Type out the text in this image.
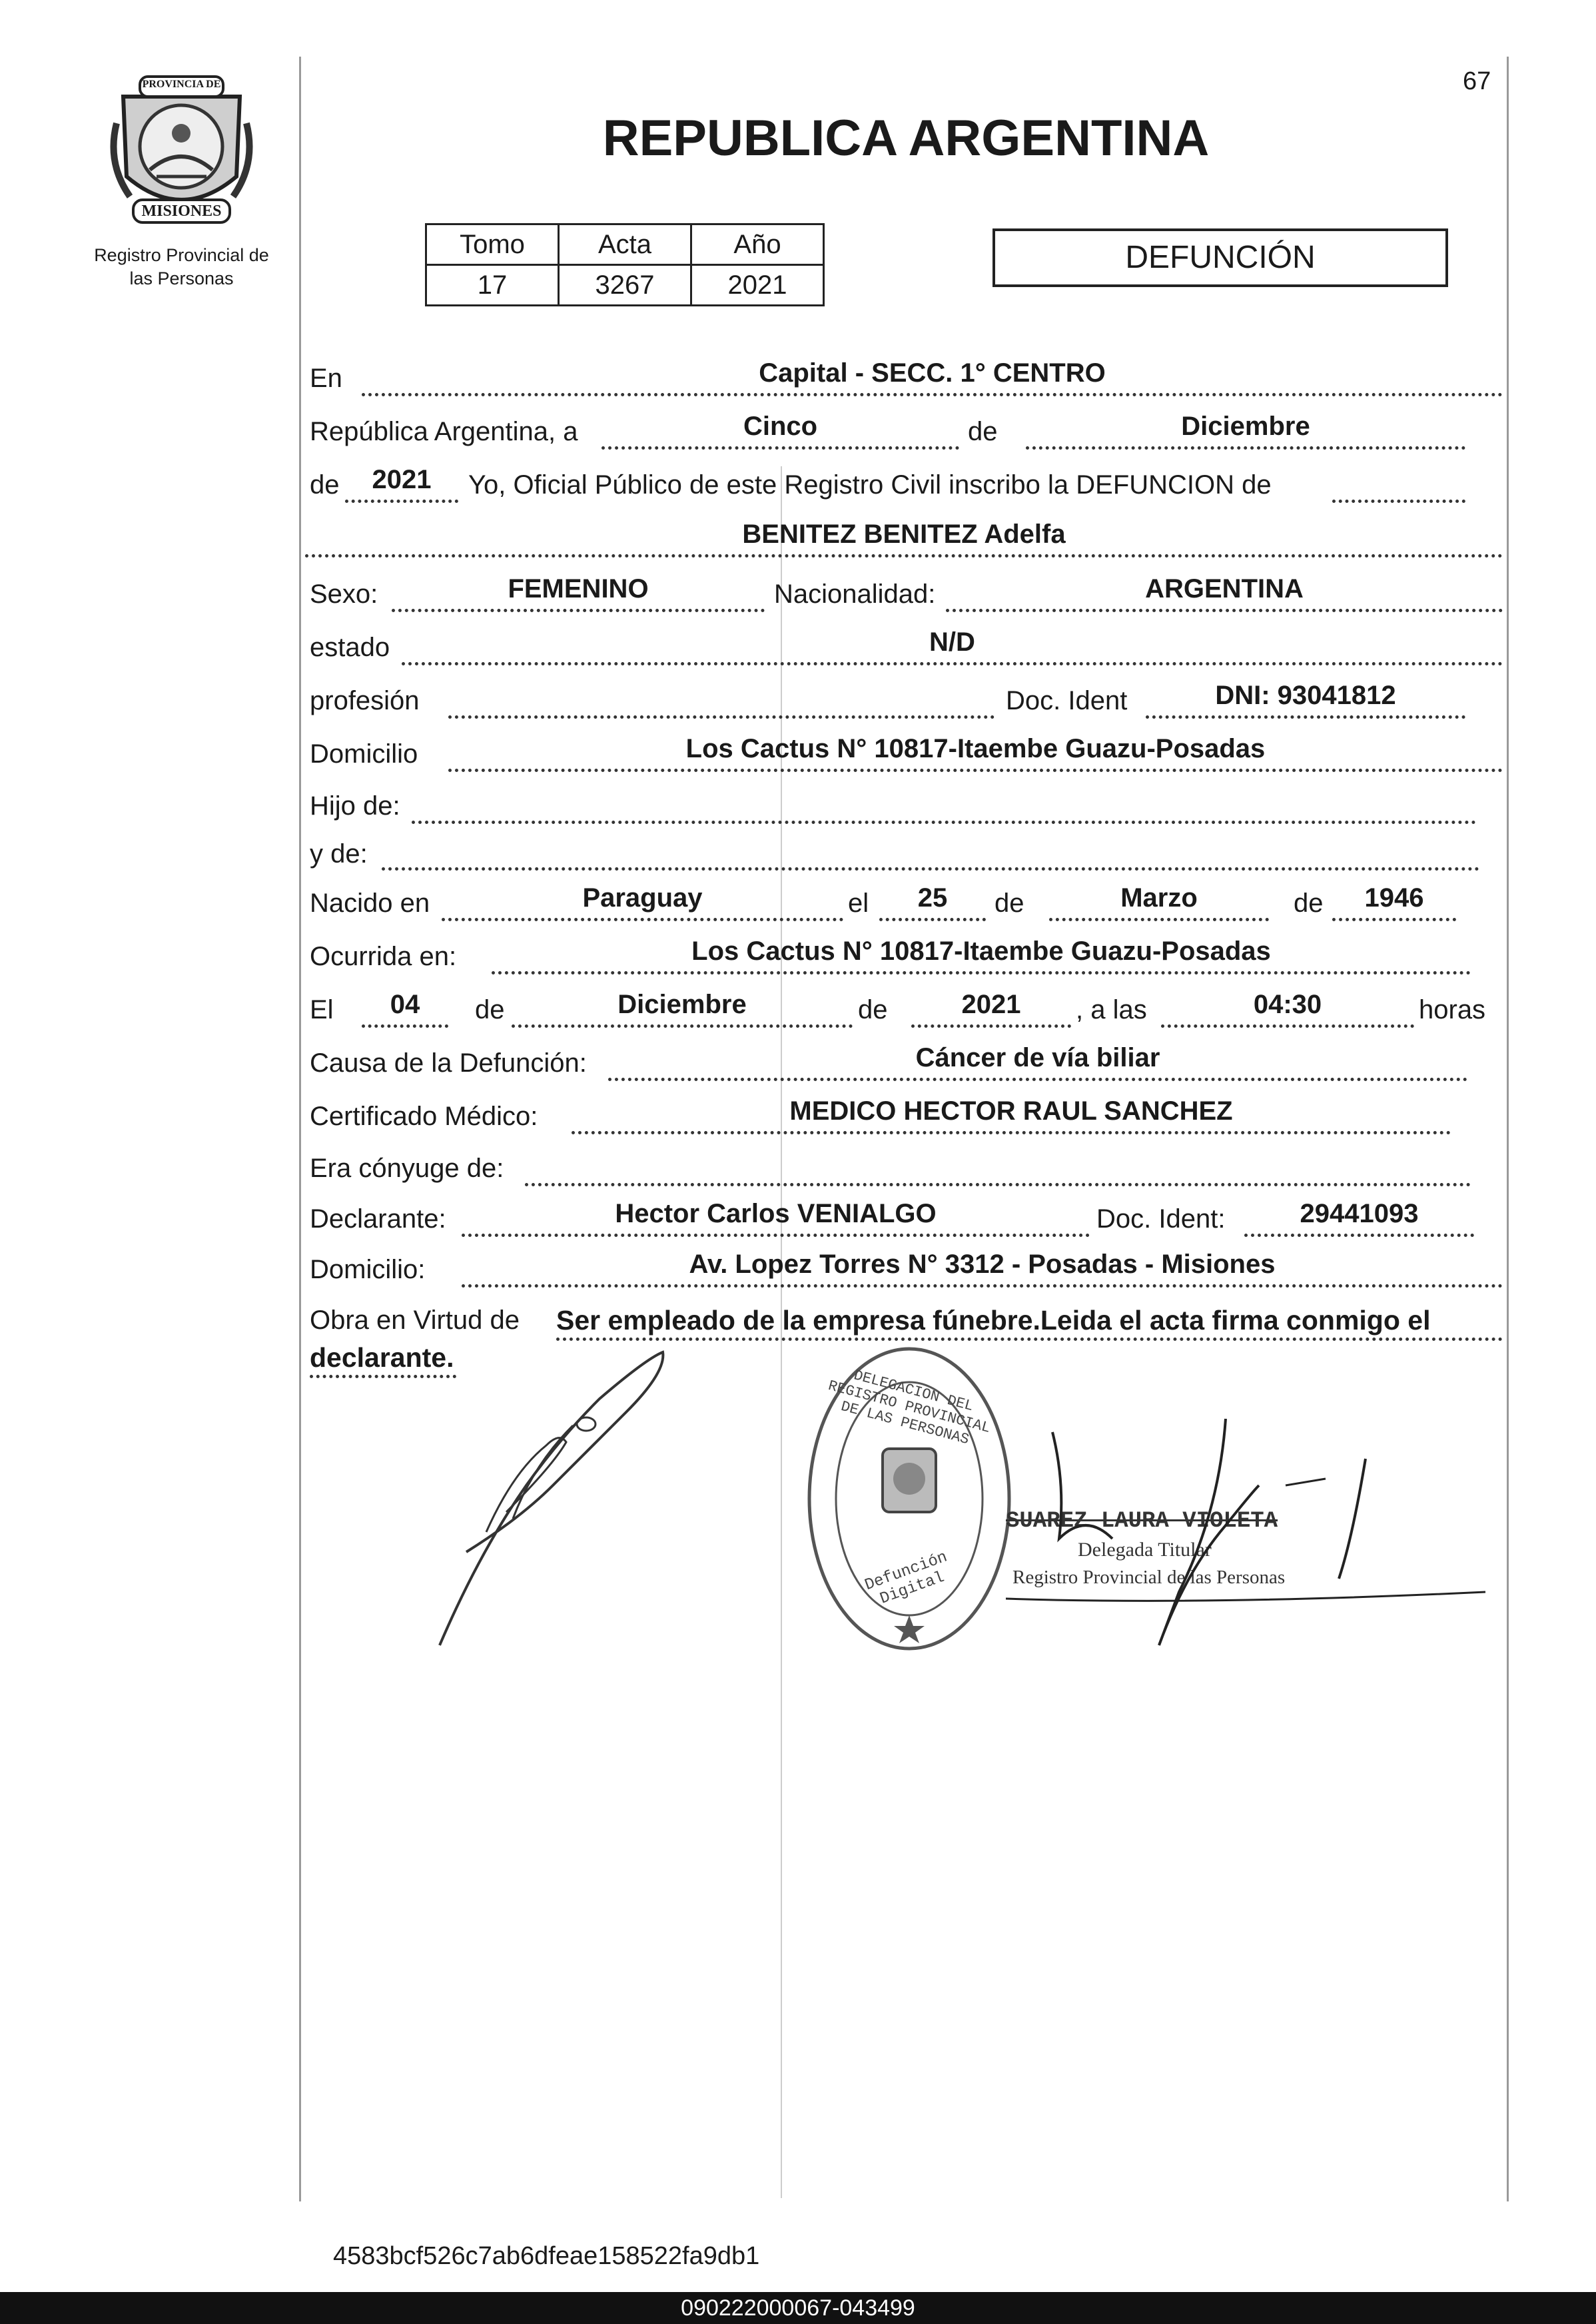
67
PROVINCIA DE
MISIONES
Registro Provincial de
las Personas
REPUBLICA ARGENTINA
Tomo	Acta	Año
17	3267	2021
DEFUNCIÓN
En	Capital - SECC. 1° CENTRO
República Argentina, a	Cinco	de	Diciembre
de	2021	Yo, Oficial Público de este Registro Civil inscribo la DEFUNCION de
BENITEZ BENITEZ Adelfa
Sexo:	FEMENINO	Nacionalidad:	ARGENTINA
estado	N/D
profesión	Doc. Ident	DNI: 93041812
Domicilio	Los Cactus N° 10817-Itaembe Guazu-Posadas
Hijo de:
y de:
Nacido en	Paraguay	el	25	de	Marzo	de	1946
Ocurrida en:	Los Cactus N° 10817-Itaembe Guazu-Posadas
El	04	de	Diciembre	de	2021	, a las	04:30	horas
Causa de la Defunción:	Cáncer de vía biliar
Certificado Médico:	MEDICO HECTOR RAUL SANCHEZ
Era cónyuge de:
Declarante:	Hector Carlos VENIALGO	Doc. Ident:	29441093
Domicilio:	Av. Lopez Torres N° 3312 - Posadas - Misiones
Obra en Virtud de Ser empleado de la empresa fúnebre.Leida el acta firma conmigo el
declarante.
DELEGACION DEL REGISTRO PROVINCIAL DE LAS PERSONAS
Defunción Digital
SUAREZ LAURA VIOLETA
Delegada Titular
Registro Provincial de las Personas
4583bcf526c7ab6dfeae158522fa9db1
090222000067-043499
